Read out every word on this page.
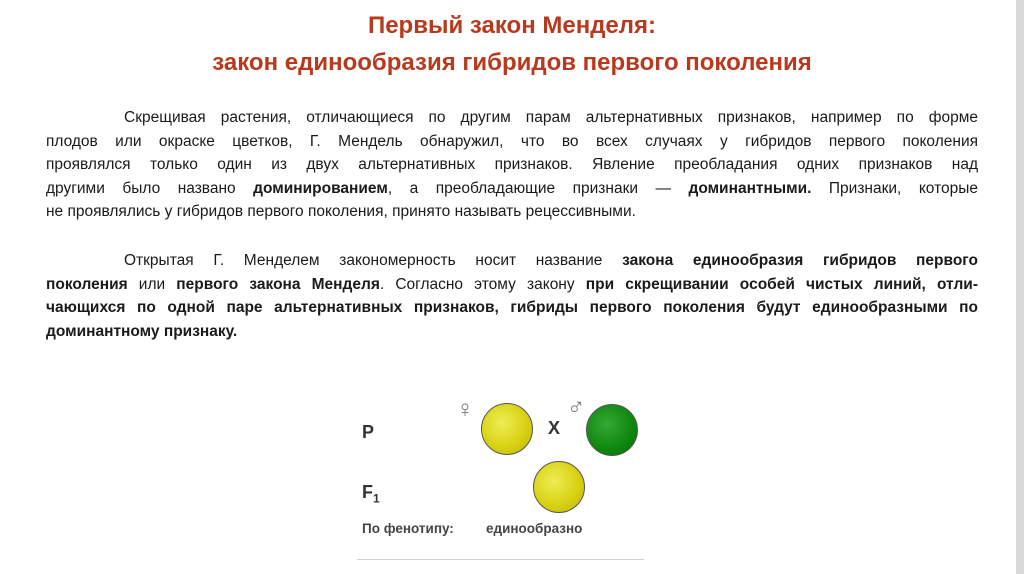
Первый закон Менделя:
закон единообразия гибридов первого поколения
Скрещивая растения, отличающиеся по другим парам альтернативных признаков, например по форме
плодов или окраске цветков, Г. Мендель обнаружил, что во всех случаях у гибридов первого поколения
проявлялся только один из двух альтернативных признаков. Явление преобладания одних признаков над
другими было названо доминированием, а преобладающие признаки — доминантными. Признаки, которые
не проявлялись у гибридов первого поколения, принято называть рецессивными.
Открытая Г. Менделем закономерность носит название закона единообразия гибридов первого
поколения или первого закона Менделя. Согласно этому закону при скрещивании особей чистых линий, отли-
чающихся по одной паре альтернативных признаков, гибриды первого поколения будут единообразными по
доминантному признаку.
P
♀
X
♂
$F_1$
По фенотипу: единообразно
